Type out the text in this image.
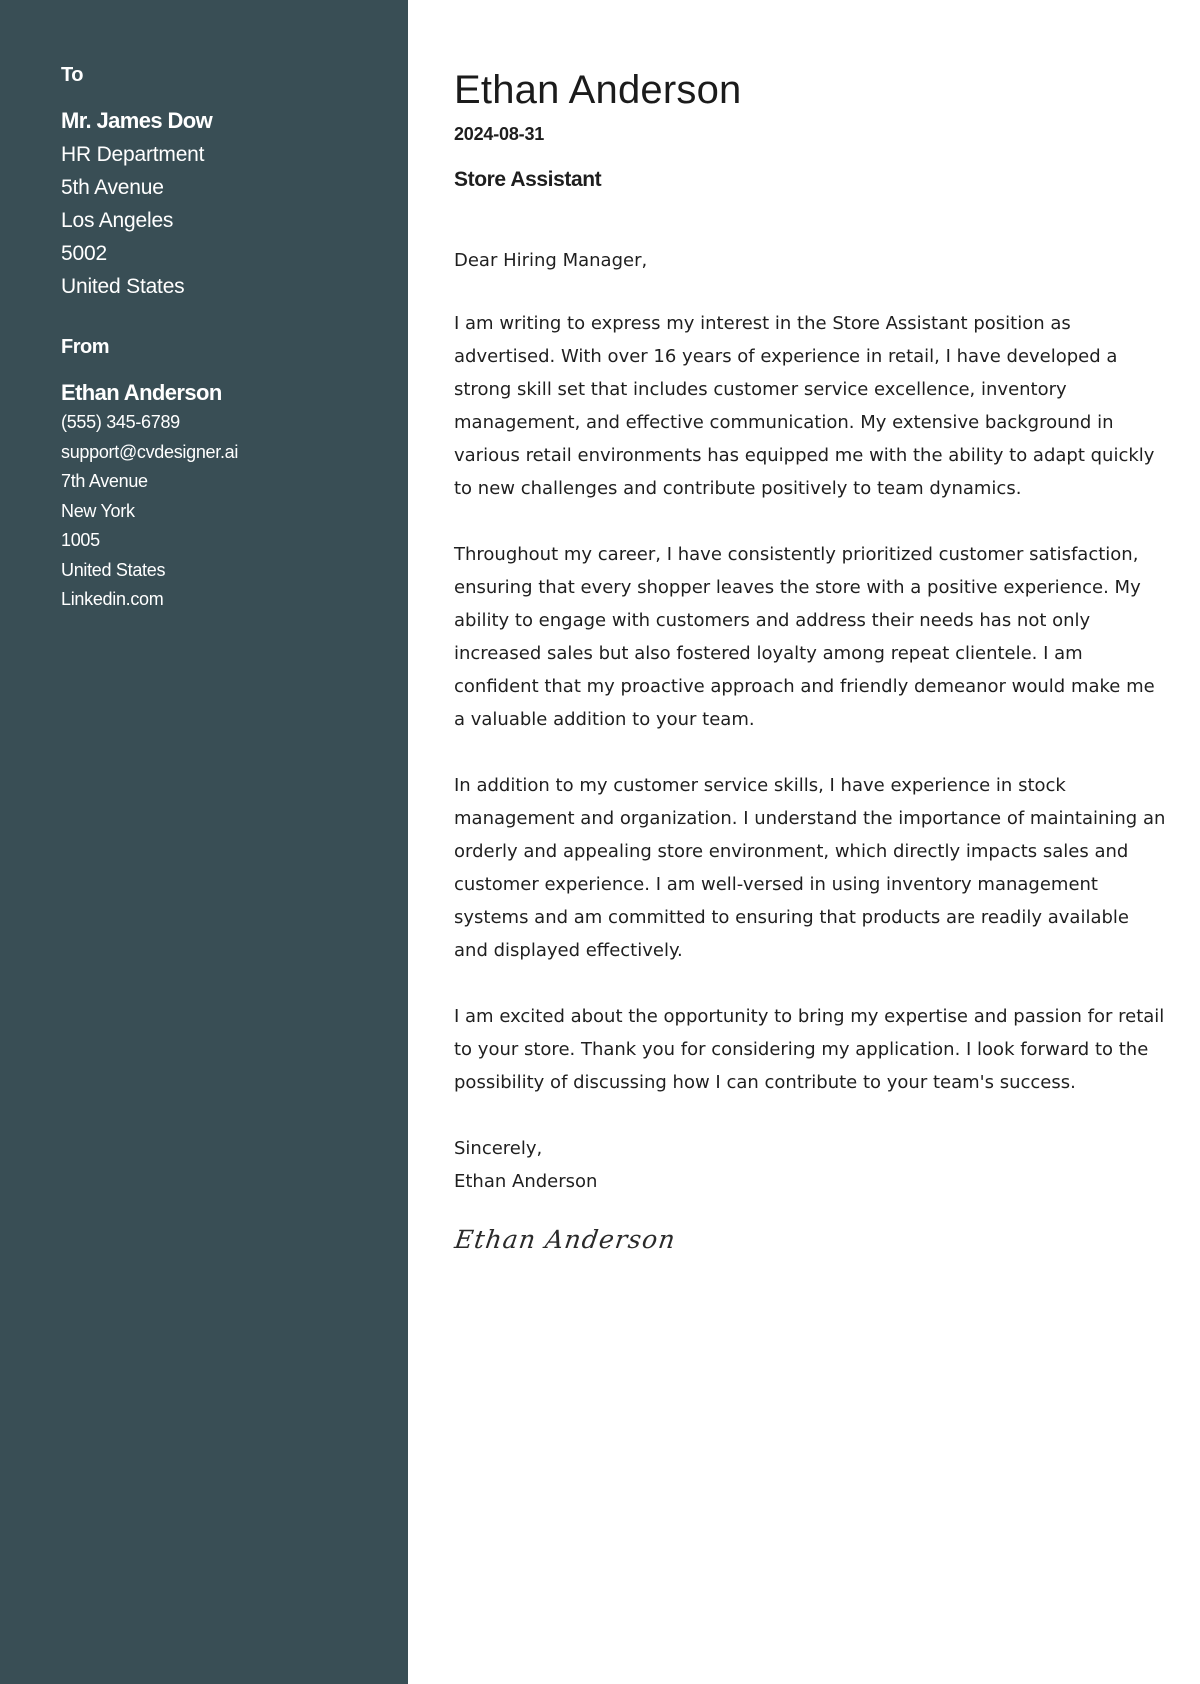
To
Mr. James Dow
HR Department
5th Avenue
Los Angeles
5002
United States
From
Ethan Anderson
(555) 345-6789
support@cvdesigner.ai
7th Avenue
New York
1005
United States
Linkedin.com
Ethan Anderson
2024-08-31
Store Assistant

Dear Hiring Manager,

I am writing to express my interest in the Store Assistant position as advertised. With over 16 years of experience in retail, I have developed a strong skill set that includes customer service excellence, inventory management, and effective communication. My extensive background in various retail environments has equipped me with the ability to adapt quickly to new challenges and contribute positively to team dynamics.

Throughout my career, I have consistently prioritized customer satisfaction, ensuring that every shopper leaves the store with a positive experience. My ability to engage with customers and address their needs has not only increased sales but also fostered loyalty among repeat clientele. I am confident that my proactive approach and friendly demeanor would make me a valuable addition to your team.

In addition to my customer service skills, I have experience in stock management and organization. I understand the importance of maintaining an orderly and appealing store environment, which directly impacts sales and customer experience. I am well-versed in using inventory management systems and am committed to ensuring that products are readily available and displayed effectively.

I am excited about the opportunity to bring my expertise and passion for retail to your store. Thank you for considering my application. I look forward to the possibility of discussing how I can contribute to your team's success.

Sincerely,
Ethan Anderson
Ethan Anderson
